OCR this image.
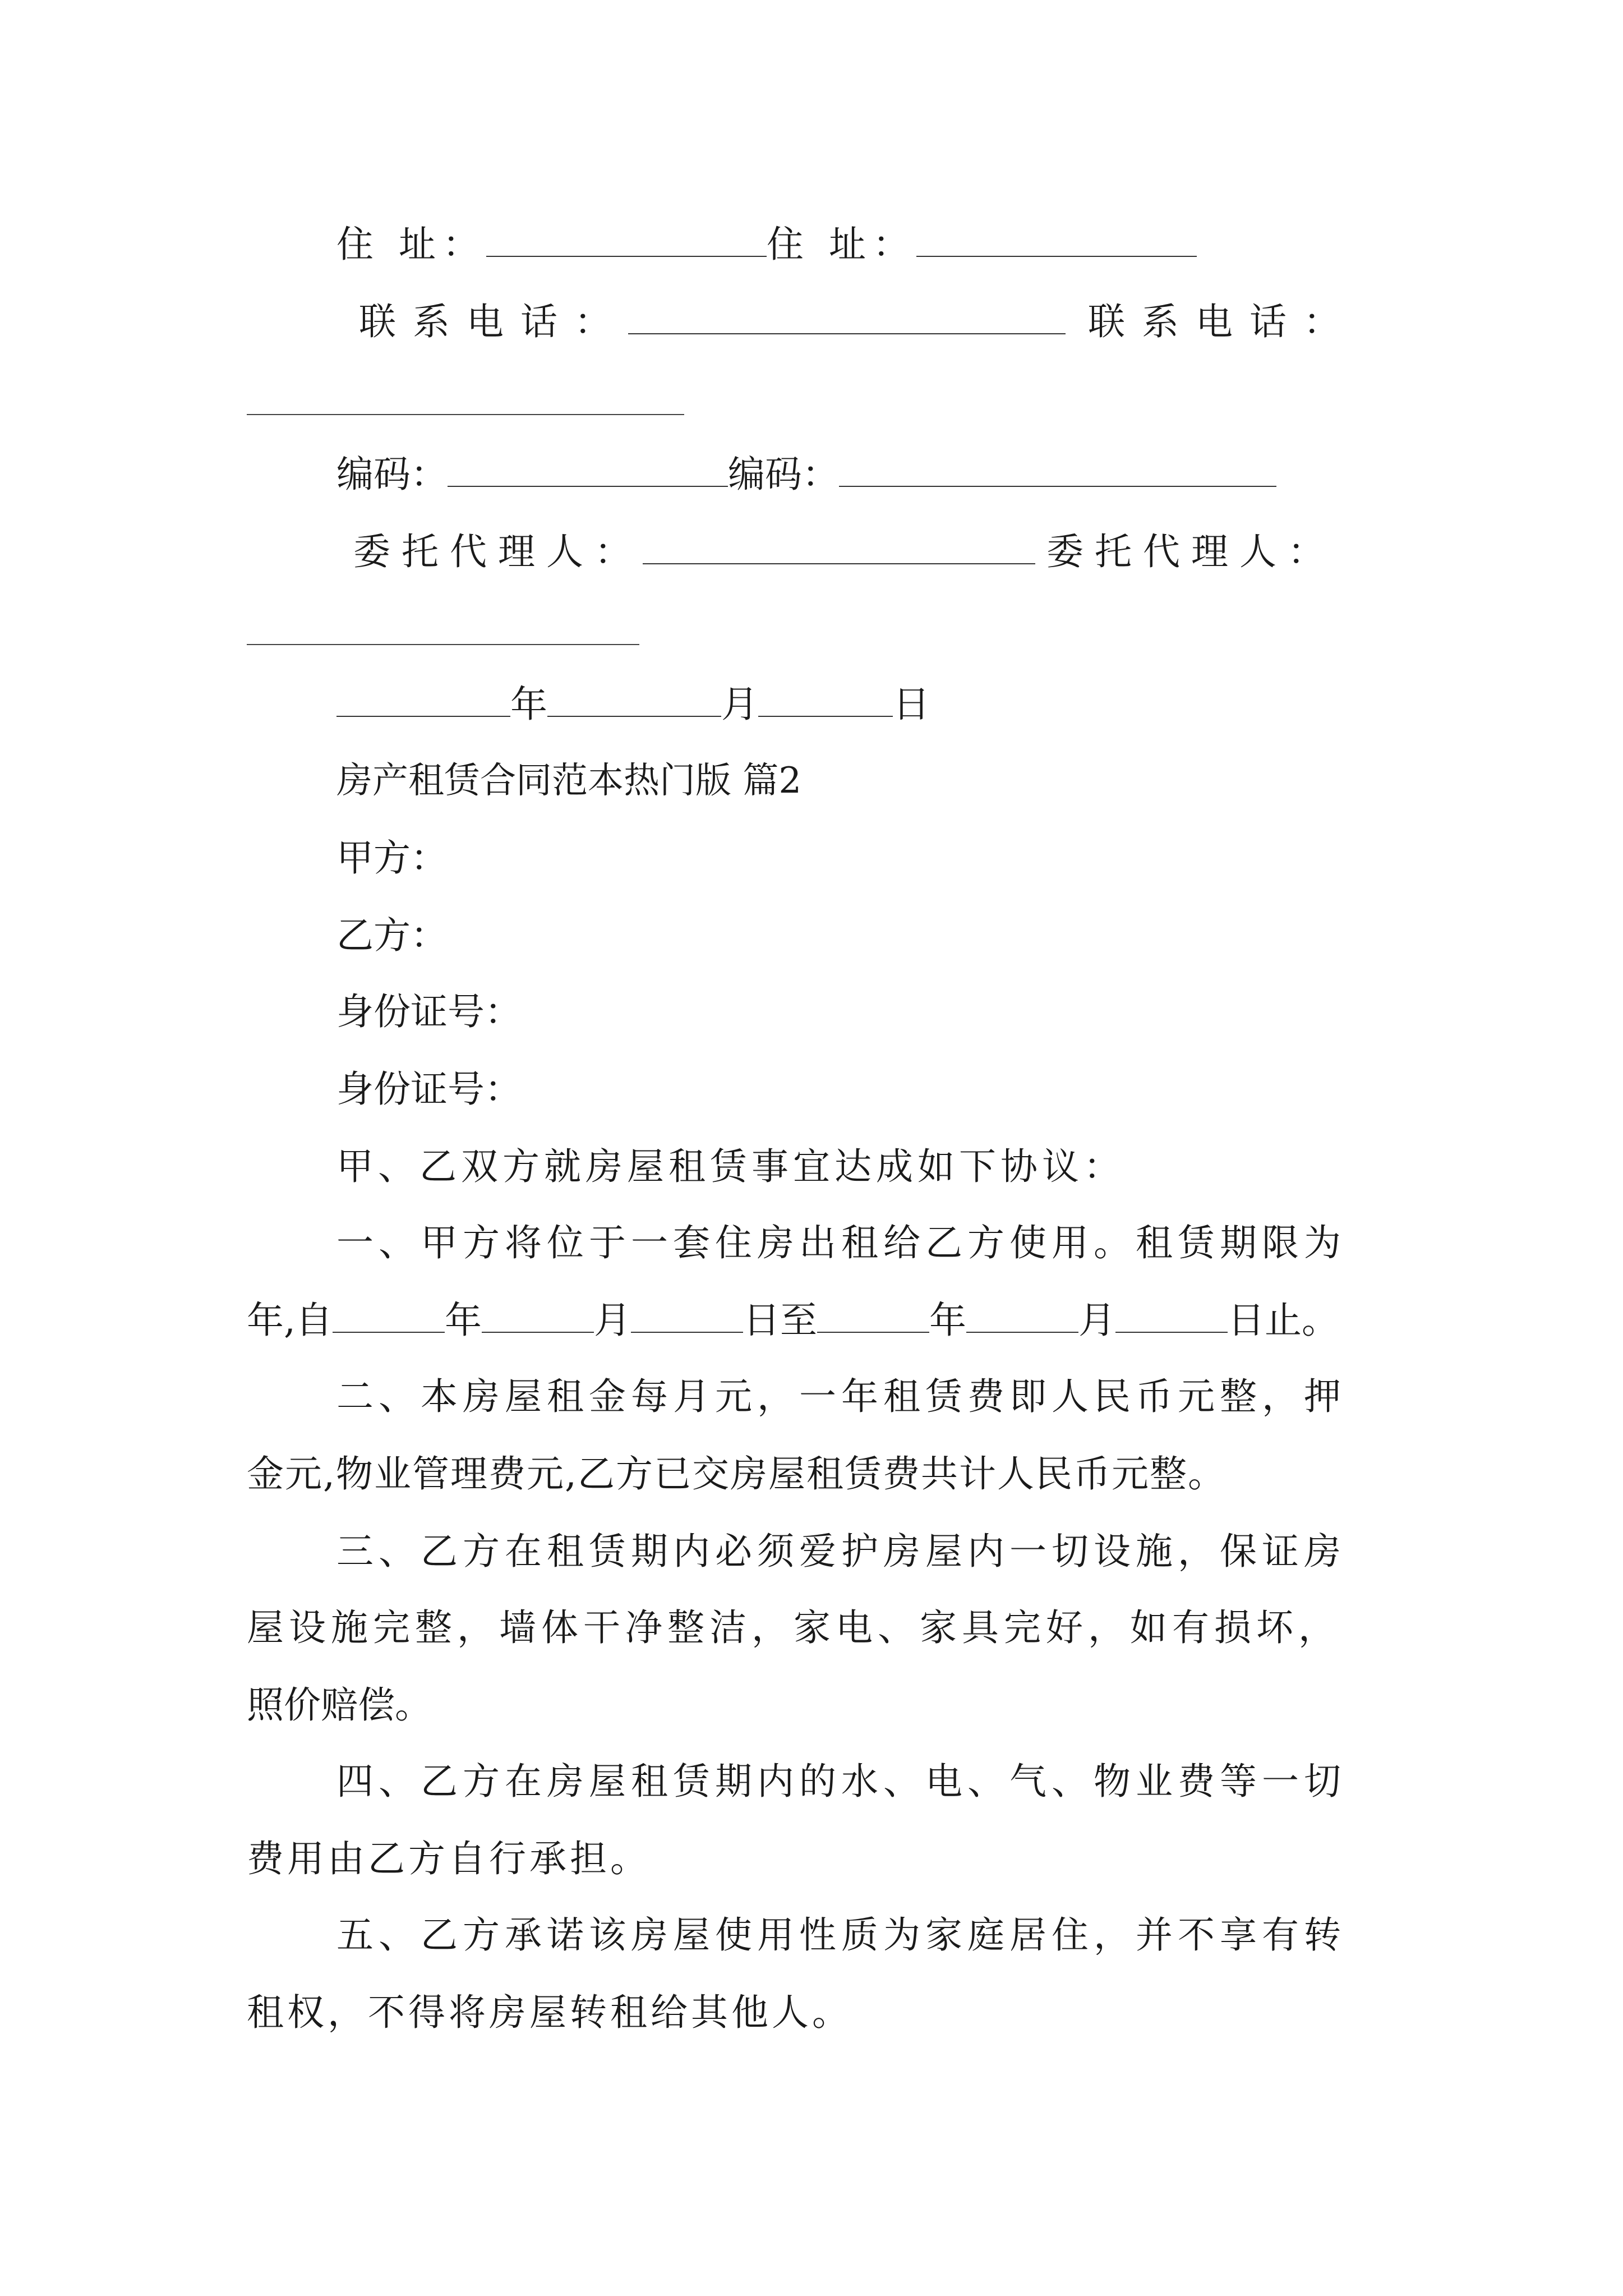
住 址：	住 址：
联系电话：	联系电话：
编码：	编码：
委托代理人：	委托代理人：
年	月	日
房产租赁合同范本热门版 篇2
甲方：
乙方：
身份证号：
身份证号：
甲、乙双方就房屋租赁事宜达成如下协议：
一、甲方将位于一套住房出租给乙方使用。租赁期限为
年,自	年	月	日至	年	月	日止。
二、本房屋租金每月元，一年租赁费即人民币元整，押
金元,物业管理费元,乙方已交房屋租赁费共计人民币元整。
三、乙方在租赁期内必须爱护房屋内一切设施，保证房
屋设施完整，墙体干净整洁，家电、家具完好，如有损坏，
照价赔偿。
四、乙方在房屋租赁期内的水、电、气、物业费等一切
费用由乙方自行承担。
五、乙方承诺该房屋使用性质为家庭居住，并不享有转
租权，不得将房屋转租给其他人。
